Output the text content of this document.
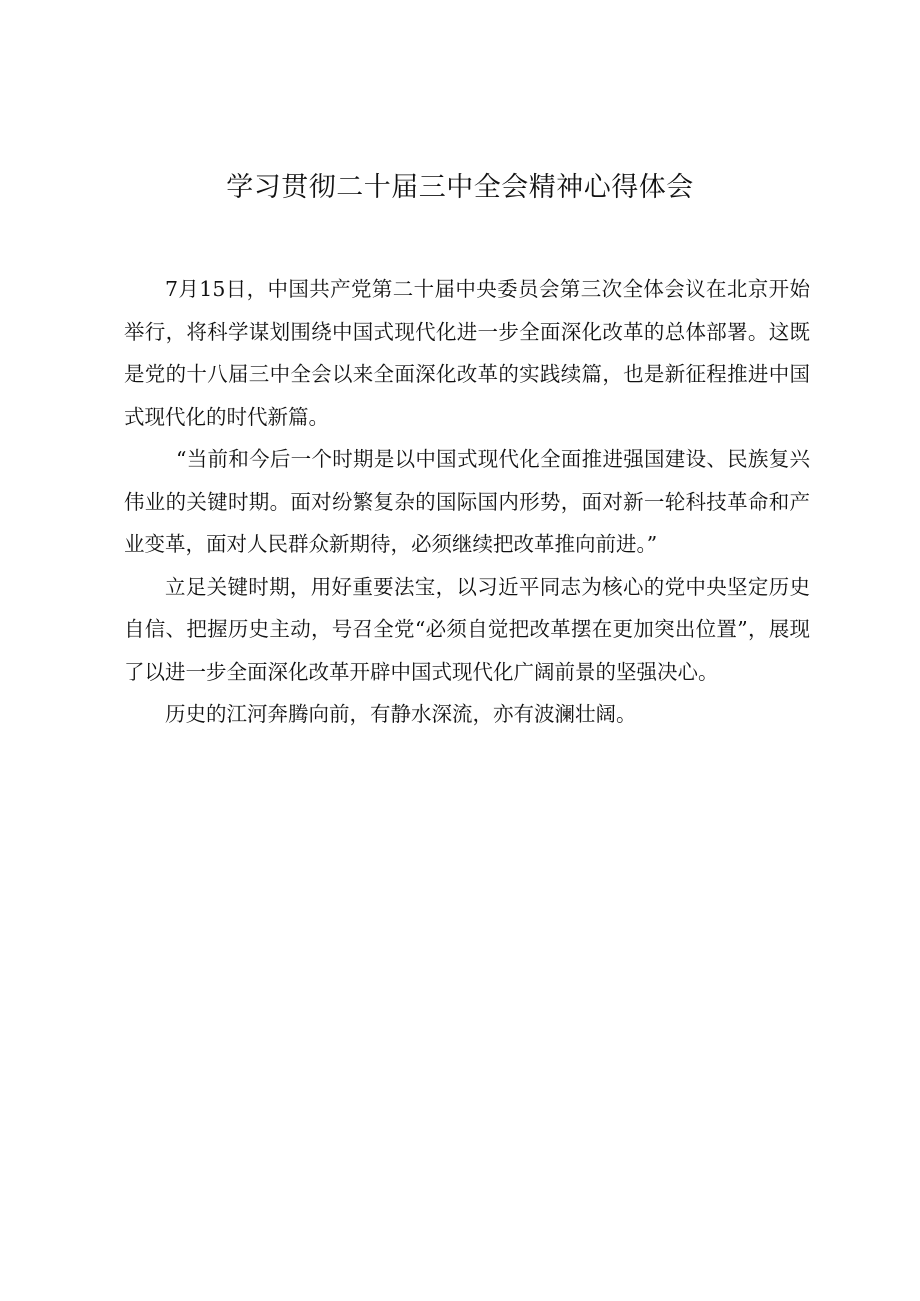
学习贯彻二十届三中全会精神心得体会

7月15日，中国共产党第二十届中央委员会第三次全体会议在北京开始举行，将科学谋划围绕中国式现代化进一步全面深化改革的总体部署。这既是党的十八届三中全会以来全面深化改革的实践续篇，也是新征程推进中国式现代化的时代新篇。

“当前和今后一个时期是以中国式现代化全面推进强国建设、民族复兴伟业的关键时期。面对纷繁复杂的国际国内形势，面对新一轮科技革命和产业变革，面对人民群众新期待，必须继续把改革推向前进。”

立足关键时期，用好重要法宝，以习近平同志为核心的党中央坚定历史自信、把握历史主动，号召全党“必须自觉把改革摆在更加突出位置”，展现了以进一步全面深化改革开辟中国式现代化广阔前景的坚强决心。

历史的江河奔腾向前，有静水深流，亦有波澜壮阔。
